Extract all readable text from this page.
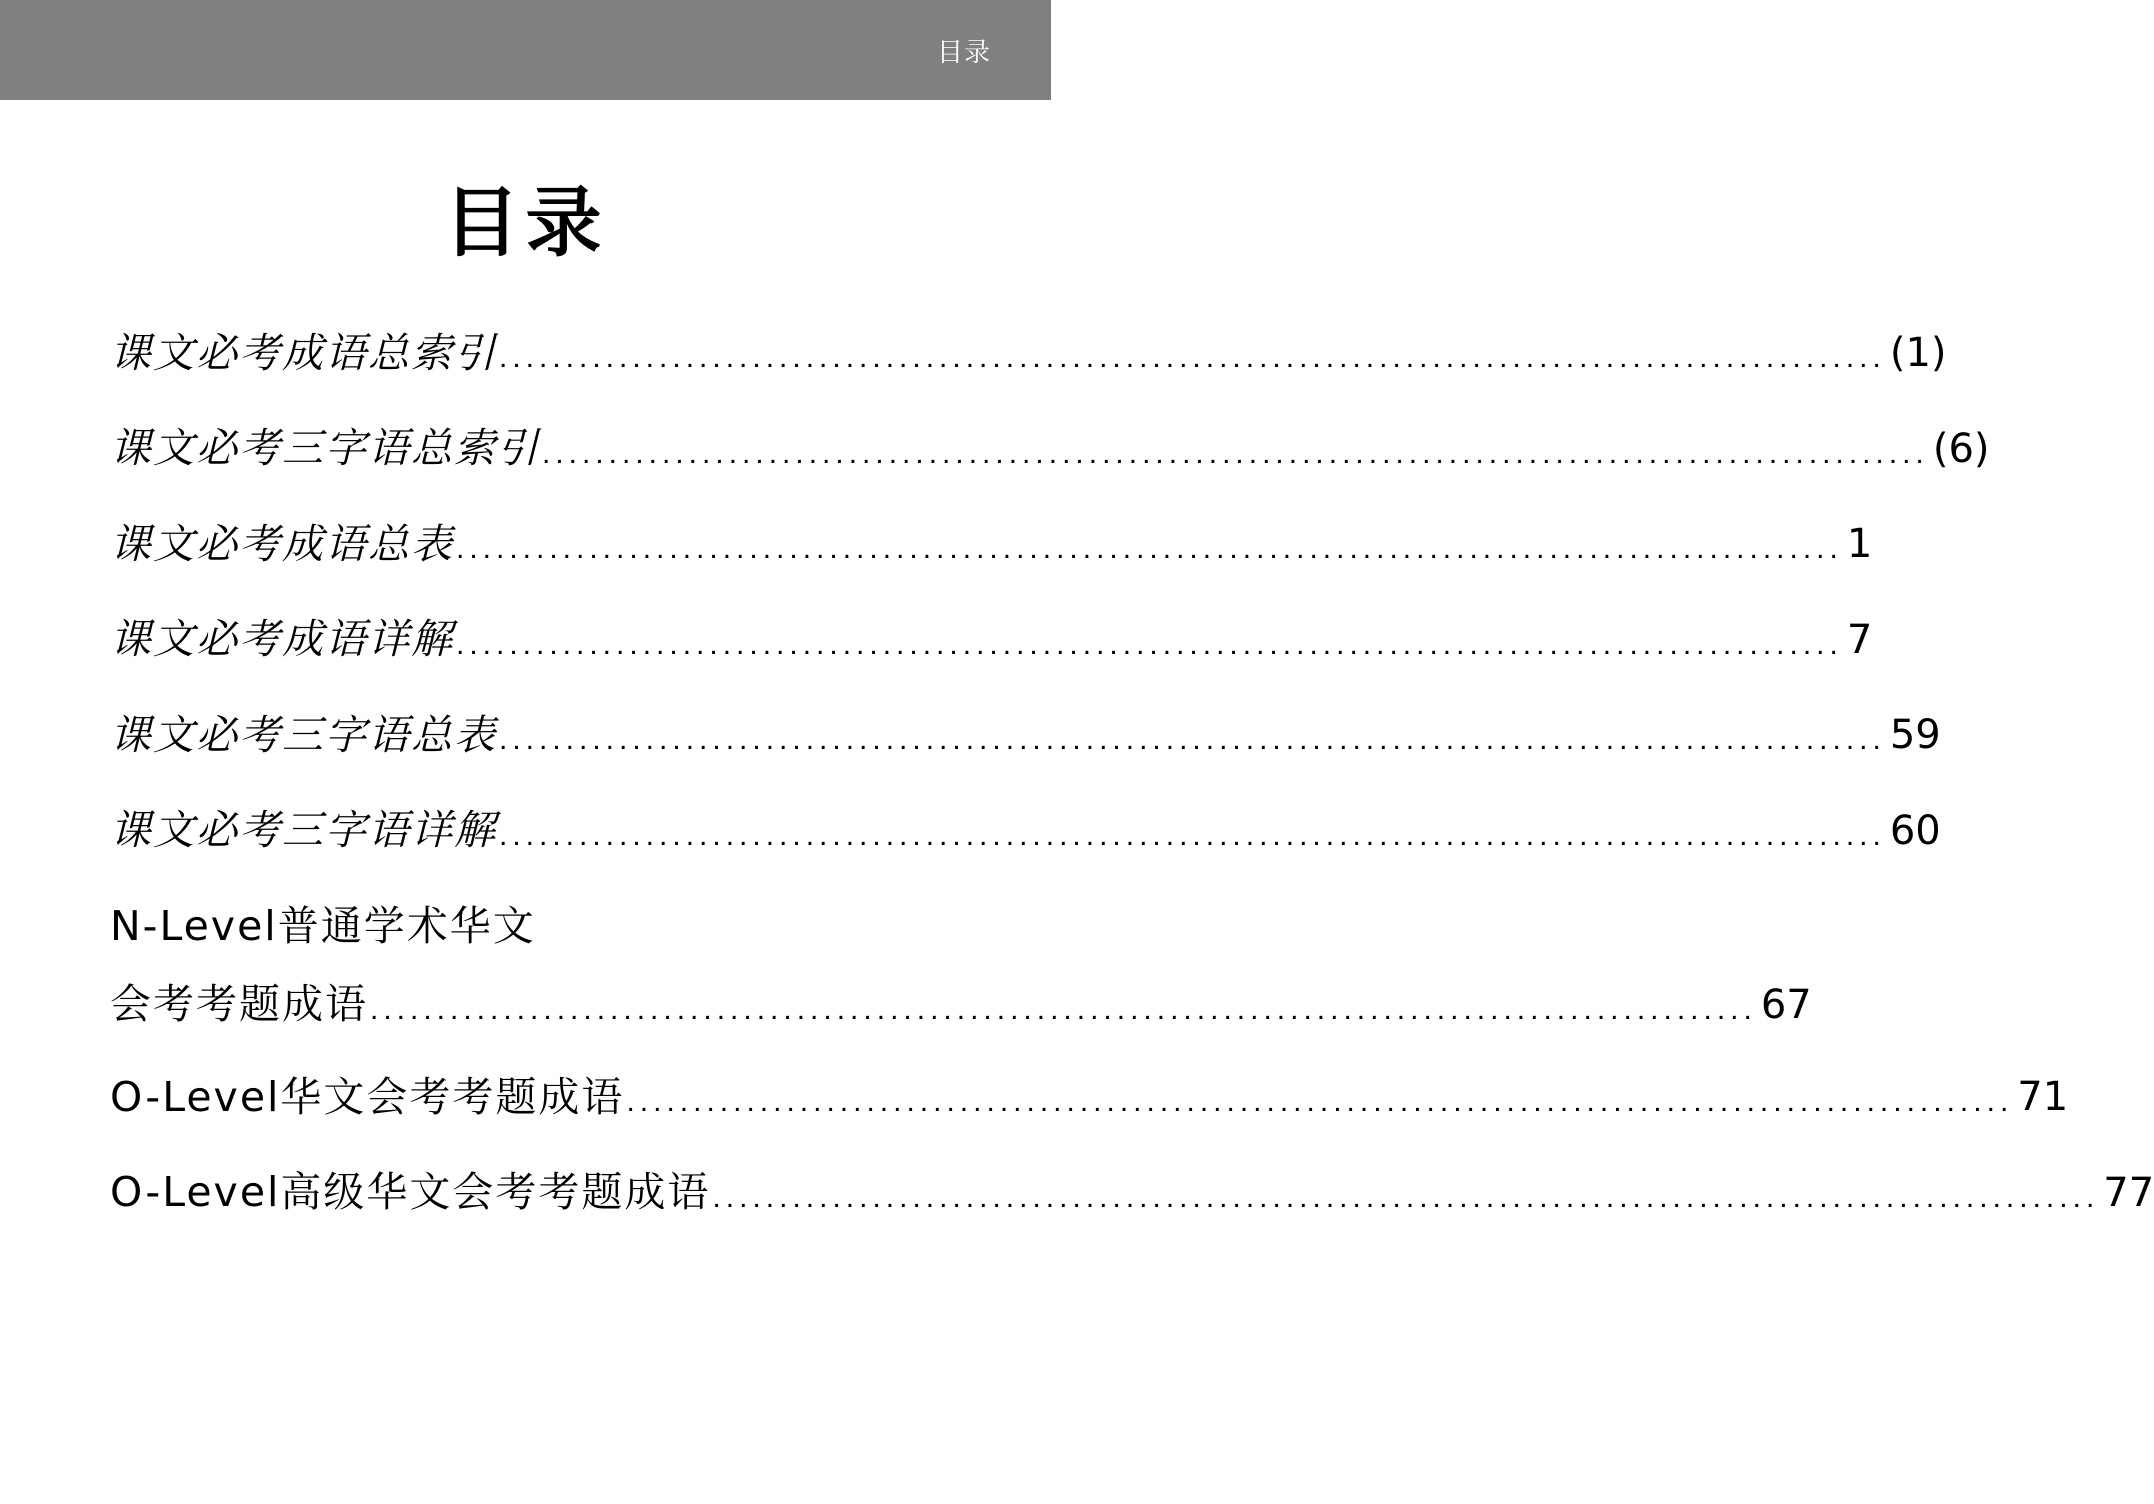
目录
目录
课文必考成语总索引 ........................................................................................................ (1)
课文必考三字语总索引 ........................................................................................................ (6)
课文必考成语总表 ........................................................................................................ 1
课文必考成语详解 ........................................................................................................ 7
课文必考三字语总表 ........................................................................................................ 59
课文必考三字语详解 ........................................................................................................ 60
N-Level普通学术华文
会考考题成语 ........................................................................................................ 67
O-Level华文会考考题成语 ........................................................................................................ 71
O-Level高级华文会考考题成语 ........................................................................................................ 77
